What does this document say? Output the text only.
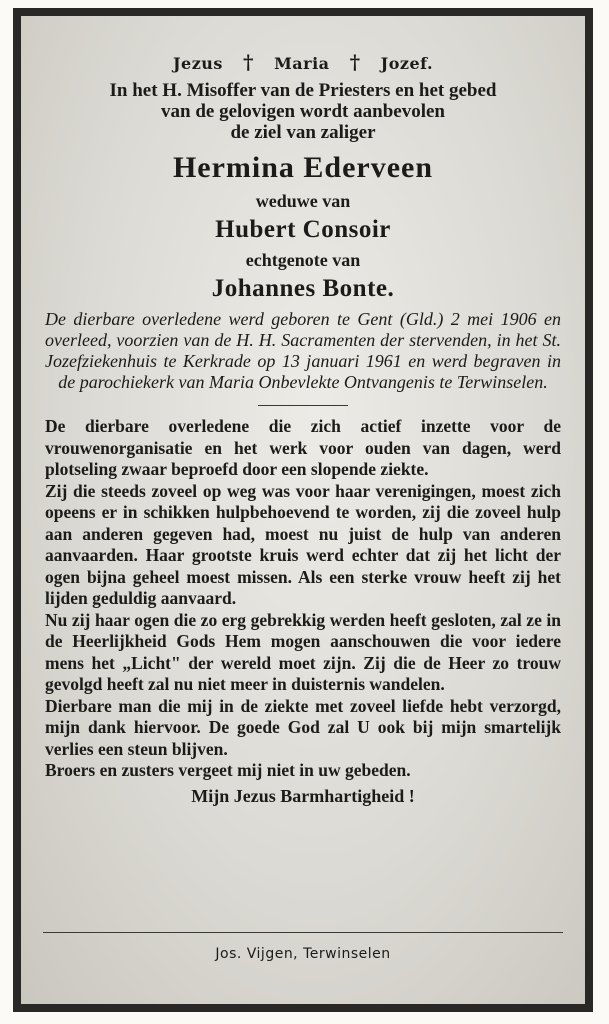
Jezus † Maria † Jozef.
In het H. Misoffer van de Priesters en het gebed
van de gelovigen wordt aanbevolen
de ziel van zaliger
Hermina Ederveen
weduwe van
Hubert Consoir
echtgenote van
Johannes Bonte.

De dierbare overledene werd geboren te Gent (Gld.) 2 mei 1906 en overleed, voorzien van de H. H. Sacramenten der stervenden, in het St. Jozefziekenhuis te Kerkrade op 13 januari 1961 en werd begraven in de parochiekerk van Maria Onbevlekte Ontvangenis te Terwinselen.

De dierbare overledene die zich actief inzette voor de vrouwenorganisatie en het werk voor ouden van dagen, werd plotseling zwaar beproefd door een slopende ziekte.

Zij die steeds zoveel op weg was voor haar verenigingen, moest zich opeens er in schikken hulpbehoevend te worden, zij die zoveel hulp aan anderen gegeven had, moest nu juist de hulp van anderen aanvaarden. Haar grootste kruis werd echter dat zij het licht der ogen bijna geheel moest missen. Als een sterke vrouw heeft zij het lijden geduldig aanvaard.

Nu zij haar ogen die zo erg gebrekkig werden heeft gesloten, zal ze in de Heerlijkheid Gods Hem mogen aanschouwen die voor iedere mens het „Licht" der wereld moet zijn. Zij die de Heer zo trouw gevolgd heeft zal nu niet meer in duisternis wandelen.

Dierbare man die mij in de ziekte met zoveel liefde hebt verzorgd, mijn dank hiervoor. De goede God zal U ook bij mijn smartelijk verlies een steun blijven.

Broers en zusters vergeet mij niet in uw gebeden.

Mijn Jezus Barmhartigheid !
Jos. Vijgen, Terwinselen
